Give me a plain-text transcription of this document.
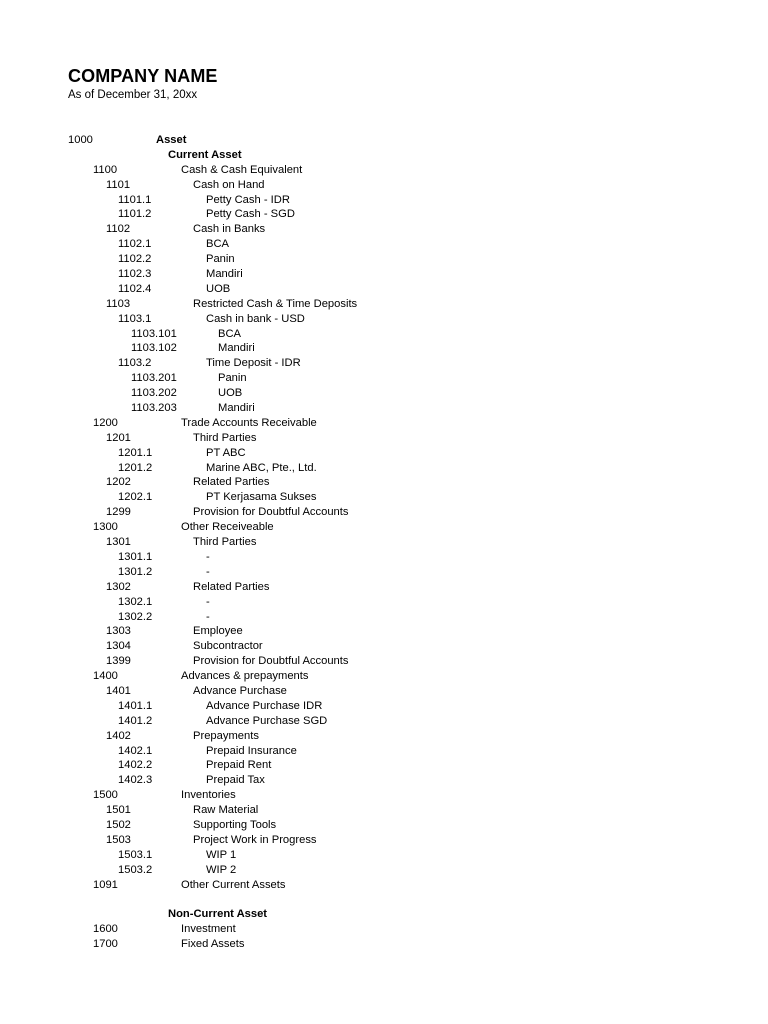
COMPANY NAME
As of December 31, 20xx
1000	Asset
Current Asset
1100	Cash & Cash Equivalent
1101	Cash on Hand
1101.1	Petty Cash - IDR
1101.2	Petty Cash - SGD
1102	Cash in Banks
1102.1	BCA
1102.2	Panin
1102.3	Mandiri
1102.4	UOB
1103	Restricted Cash & Time Deposits
1103.1	Cash in bank - USD
1103.101	BCA
1103.102	Mandiri
1103.2	Time Deposit - IDR
1103.201	Panin
1103.202	UOB
1103.203	Mandiri
1200	Trade Accounts Receivable
1201	Third Parties
1201.1	PT ABC
1201.2	Marine ABC, Pte., Ltd.
1202	Related Parties
1202.1	PT Kerjasama Sukses
1299	Provision for Doubtful Accounts
1300	Other Receiveable
1301	Third Parties
1301.1	-
1301.2	-
1302	Related Parties
1302.1	-
1302.2	-
1303	Employee
1304	Subcontractor
1399	Provision for Doubtful Accounts
1400	Advances & prepayments
1401	Advance Purchase
1401.1	Advance Purchase IDR
1401.2	Advance Purchase SGD
1402	Prepayments
1402.1	Prepaid Insurance
1402.2	Prepaid Rent
1402.3	Prepaid Tax
1500	Inventories
1501	Raw Material
1502	Supporting Tools
1503	Project Work in Progress
1503.1	WIP 1
1503.2	WIP 2
1091	Other Current Assets
Non-Current Asset
1600	Investment
1700	Fixed Assets
